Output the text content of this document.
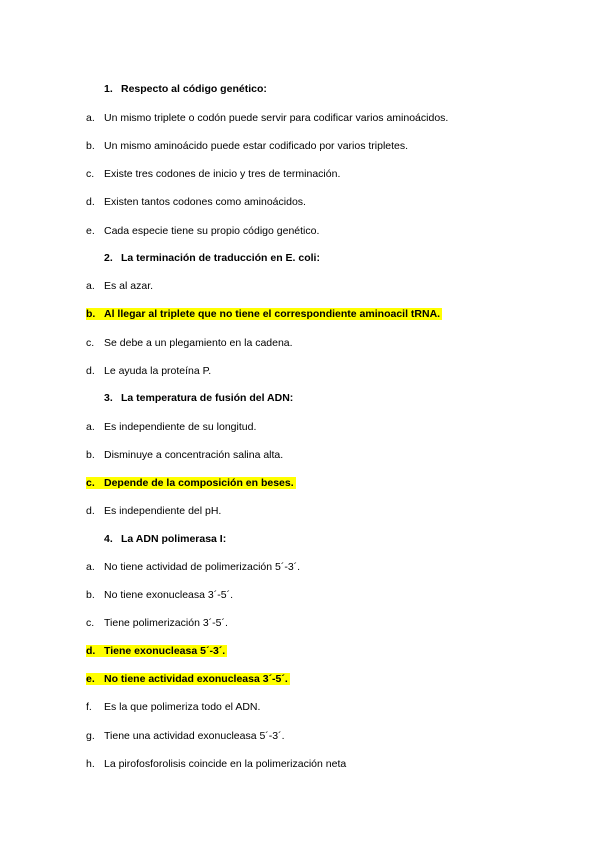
1. Respecto al código genético:
a. Un mismo triplete o codón puede servir para codificar varios aminoácidos.
b. Un mismo aminoácido puede estar codificado por varios tripletes.
c. Existe tres codones de inicio y tres de terminación.
d. Existen tantos codones como aminoácidos.
e. Cada especie tiene su propio código genético.
2. La terminación de traducción en E. coli:
a. Es al azar.
b. Al llegar al triplete que no tiene el correspondiente aminoacil tRNA.
c. Se debe a un plegamiento en la cadena.
d. Le ayuda la proteína P.
3. La temperatura de fusión del ADN:
a. Es independiente de su longitud.
b. Disminuye a concentración salina alta.
c. Depende de la composición en beses.
d. Es independiente del pH.
4. La ADN polimerasa I:
a. No tiene actividad de polimerización 5´-3´.
b. No tiene exonucleasa 3´-5´.
c. Tiene polimerización 3´-5´.
d. Tiene exonucleasa 5´-3´.
e. No tiene actividad exonucleasa 3´-5´.
f. Es la que polimeriza todo el ADN.
g. Tiene una actividad exonucleasa 5´-3´.
h. La pirofosforolisis coincide en la polimerización neta
